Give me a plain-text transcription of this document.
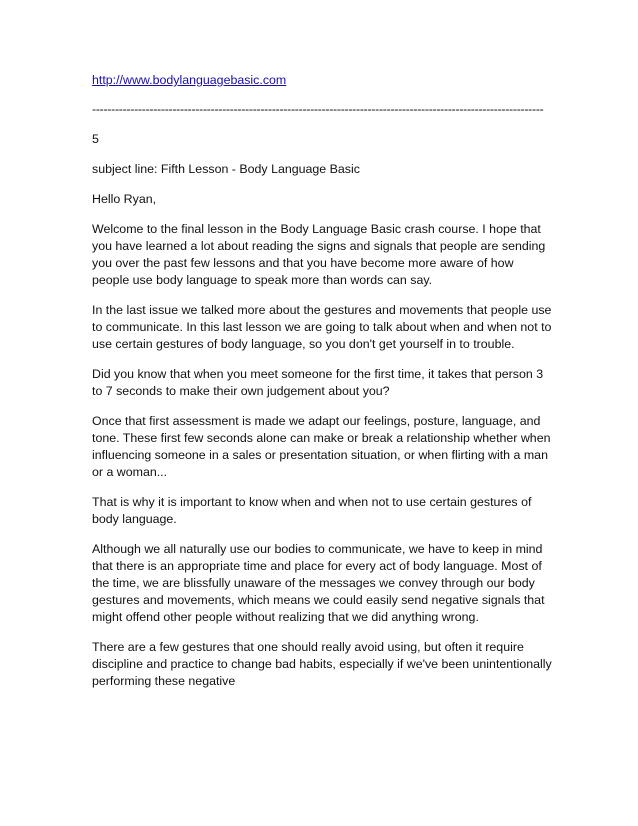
http://www.bodylanguagebasic.com
----------------------------------------------------------------------------------------------------------------------

5

subject line: Fifth Lesson - Body Language Basic

Hello Ryan,

Welcome to the final lesson in the Body Language Basic crash course. I hope that you have learned a lot about reading the signs and signals that people are sending you over the past few lessons and that you have become more aware of how people use body language to speak more than words can say.

In the last issue we talked more about the gestures and movements that people use to communicate. In this last lesson we are going to talk about when and when not to use certain gestures of body language, so you don't get yourself in to trouble.

Did you know that when you meet someone for the first time, it takes that person 3 to 7 seconds to make their own judgement about you?

Once that first assessment is made we adapt our feelings, posture, language, and tone. These first few seconds alone can make or break a relationship whether when influencing someone in a sales or presentation situation, or when flirting with a man or a woman...

That is why it is important to know when and when not to use certain gestures of body language.

Although we all naturally use our bodies to communicate, we have to keep in mind that there is an appropriate time and place for every act of body language. Most of the time, we are blissfully unaware of the messages we convey through our body gestures and movements, which means we could easily send negative signals that might offend other people without realizing that we did anything wrong.

There are a few gestures that one should really avoid using, but often it require discipline and practice to change bad habits, especially if we've been unintentionally performing these negative
